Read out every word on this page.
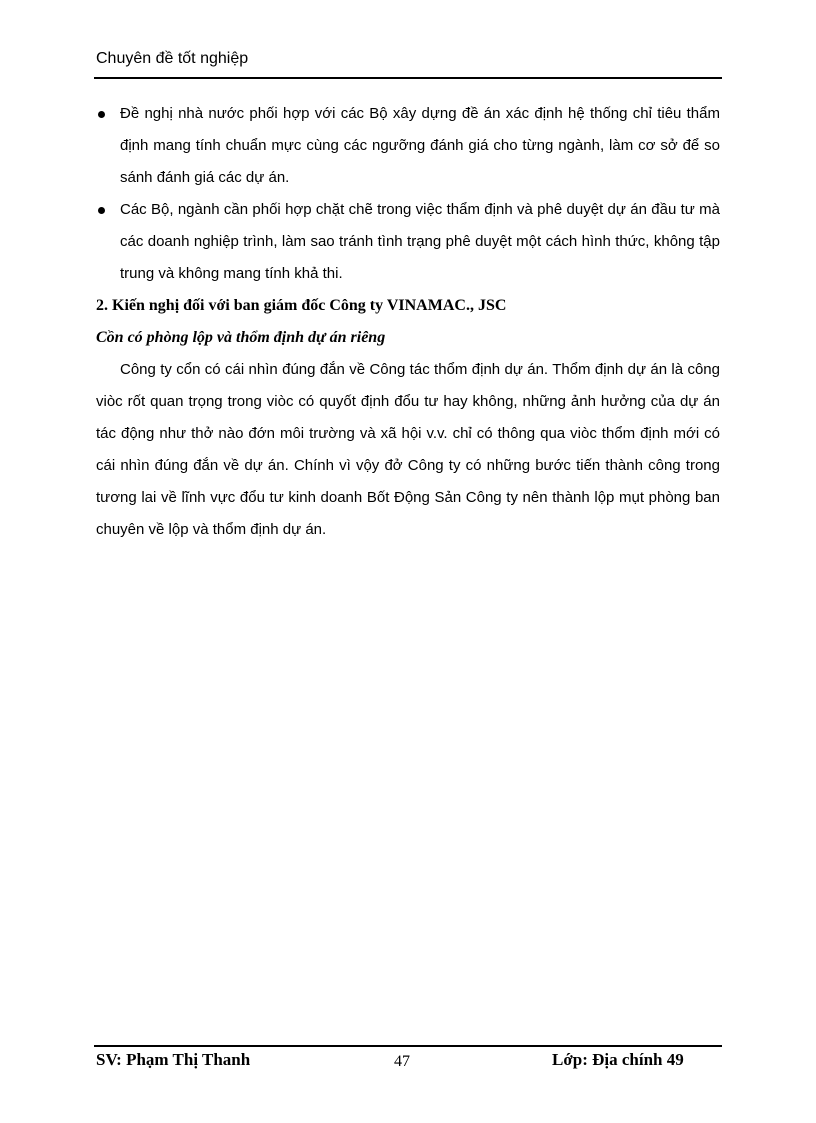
Chuyên đề tốt nghiệp
Đề nghị nhà nước phối hợp với các Bộ xây dựng đề án xác định hệ thống chỉ tiêu thẩm định mang tính chuẩn mực cùng các ngưỡng đánh giá cho từng ngành, làm cơ sở để so sánh đánh giá các dự án.
Các Bộ, ngành cần phối hợp chặt chẽ trong việc thẩm định và phê duyệt dự án đầu tư mà các doanh nghiệp trình, làm sao tránh tình trạng phê duyệt một cách hình thức, không tập trung và không mang tính khả thi.

2. Kiến nghị đối với ban giám đốc Công ty VINAMAC., JSC

Cồn có phòng lộp và thổm định dự án riêng

Công ty cổn có cái nhìn đúng đắn về Công tác thổm định dự án. Thổm định dự án là công viòc rốt quan trọng trong viòc có quyốt định đổu tư hay không, những ảnh hưởng của dự án tác động như thở nào đớn môi trường và xã hội v.v. chỉ có thông qua viòc thổm định mới có cái nhìn đúng đắn về dự án. Chính vì vộy đở Công ty có những bước tiến thành công trong tương lai về lĩnh vực đổu tư kinh doanh Bốt Động Sản Công ty nên thành lộp mụt phòng ban chuyên về lộp và thổm định dự án.

SV: Phạm Thị Thanh	47	Lớp: Địa chính 49
